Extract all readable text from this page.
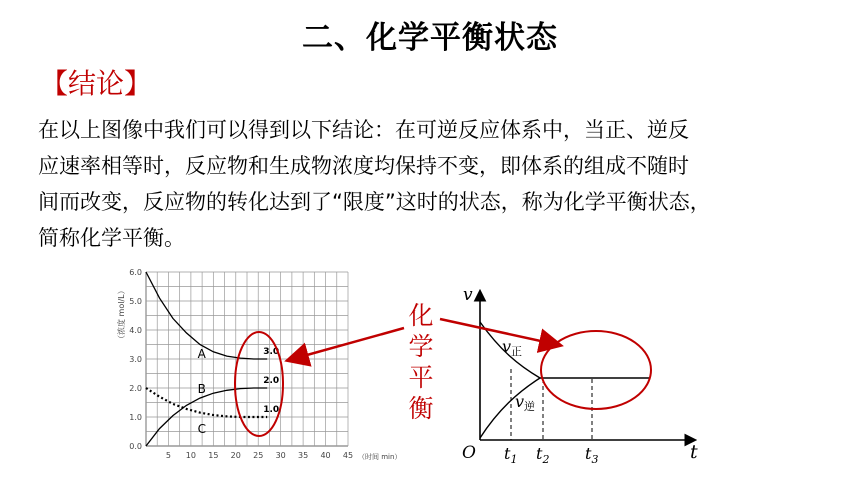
二、化学平衡状态
【结论】

在以上图像中我们可以得到以下结论：在可逆反应体系中，当正、逆反

应速率相等时，反应物和生成物浓度均保持不变，即体系的组成不随时

间而改变，反应物的转化达到了“限度”这时的状态，称为化学平衡状态，

简称化学平衡。

0.0
1.0
2.0
3.0
4.0
5.0
6.0
5 10 15 20 25 30 35 40 45 （时间 min）
（浓度 mol/L）
3.0
2.0
1.0
A
B
C
v
t
O $t_1$ $t_2$ $t_3$
v正
v逆
化
学
平
衡
